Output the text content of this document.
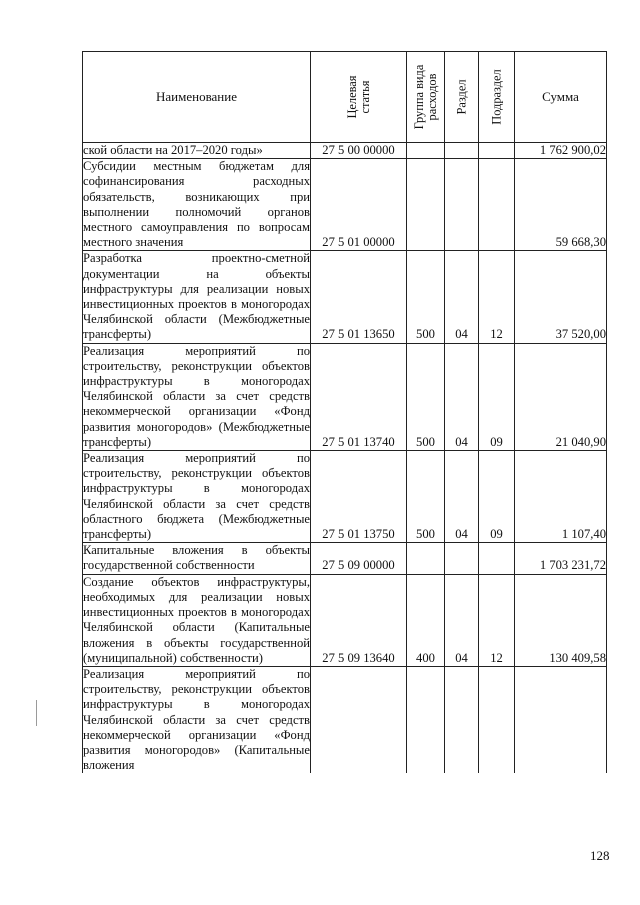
Наименование	Целевая статья	Группа вида расходов	Раздел	Подраздел	Сумма
ской области на 2017–2020 годы»	27 5 00 00000				1 762 900,02
Субсидии местным бюджетам для софинансирования расходных обязательств, возникающих при выполнении полномочий органов местного самоуправления по вопросам местного значения	27 5 01 00000				59 668,30
Разработка проектно-сметной документации на объекты инфраструктуры для реализации новых инвестиционных проектов в моногородах Челябинской области (Межбюджетные трансферты)	27 5 01 13650	500	04	12	37 520,00
Реализация мероприятий по строительству, реконструкции объектов инфраструктуры в моногородах Челябинской области за счет средств некоммерческой организации «Фонд развития моногородов» (Межбюджетные трансферты)	27 5 01 13740	500	04	09	21 040,90
Реализация мероприятий по строительству, реконструкции объектов инфраструктуры в моногородах Челябинской области за счет средств областного бюджета (Межбюджетные трансферты)	27 5 01 13750	500	04	09	1 107,40
Капитальные вложения в объекты государственной собственности	27 5 09 00000				1 703 231,72
Создание объектов инфраструктуры, необходимых для реализации новых инвестиционных проектов в моногородах Челябинской области (Капитальные вложения в объекты государственной (муниципальной) собственности)	27 5 09 13640	400	04	12	130 409,58
Реализация мероприятий по строительству, реконструкции объектов инфраструктуры в моногородах Челябинской области за счет средств некоммерческой организации «Фонд развития моногородов» (Капитальные вложения					
128
